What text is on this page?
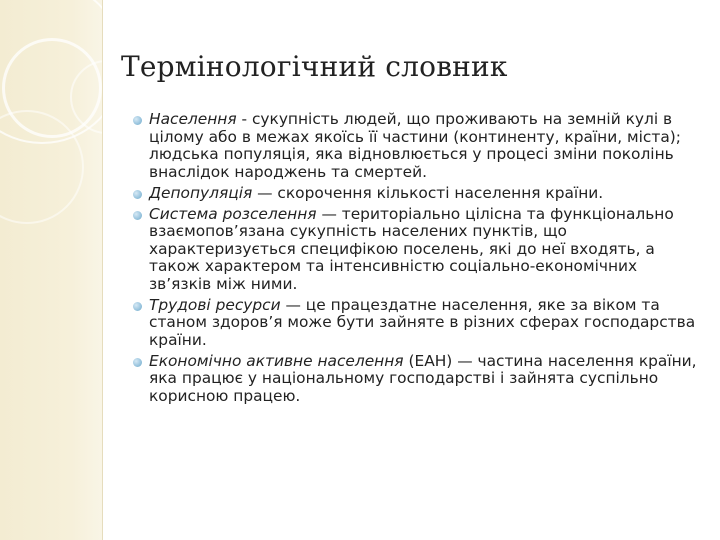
Термінологічний словник
Населення - сукупність людей, що проживають на земній кулі в цілому або в межах якоїсь її частини (континенту, країни, міста); людська популяція, яка відновлюється у процесі зміни поколінь внаслідок народжень та смертей.
Депопуляція — скорочення кількості населення країни.
Система розселення — територіально цілісна та функціонально взаємопов’язана сукупність населених пунктів, що характеризується специфікою поселень, які до неї входять, а також характером та інтенсивністю соціально-економічних зв’язків між ними.
Трудові ресурси — це працездатне населення, яке за віком та станом здоров’я може бути зайняте в різних сферах господарства країни.
Економічно активне населення (ЕАН) — частина населення країни, яка працює у національному господарстві і зайнята суспільно корисною працею.
